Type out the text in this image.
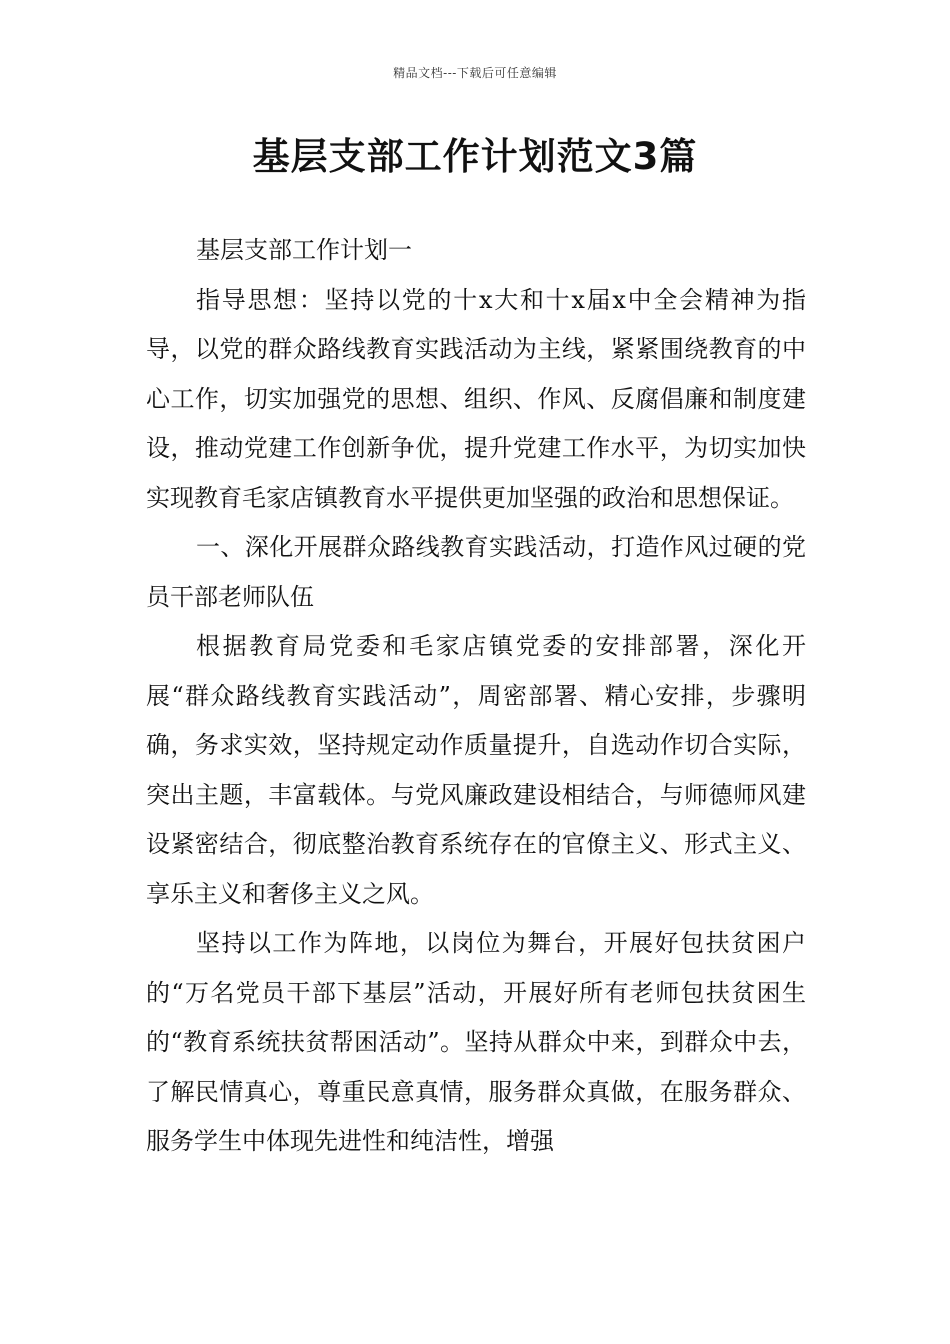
精品文档---下载后可任意编辑
基层支部工作计划范文3篇

基层支部工作计划一

指导思想：坚持以党的十x大和十x届x中全会精神为指导，以党的群众路线教育实践活动为主线，紧紧围绕教育的中心工作，切实加强党的思想、组织、作风、反腐倡廉和制度建设，推动党建工作创新争优，提升党建工作水平，为切实加快实现教育毛家店镇教育水平提供更加坚强的政治和思想保证。

一、深化开展群众路线教育实践活动，打造作风过硬的党员干部老师队伍

根据教育局党委和毛家店镇党委的安排部署，深化开展“群众路线教育实践活动”，周密部署、精心安排，步骤明确，务求实效，坚持规定动作质量提升，自选动作切合实际，突出主题，丰富载体。与党风廉政建设相结合，与师德师风建设紧密结合，彻底整治教育系统存在的官僚主义、形式主义、享乐主义和奢侈主义之风。

坚持以工作为阵地，以岗位为舞台，开展好包扶贫困户的“万名党员干部下基层”活动，开展好所有老师包扶贫困生的“教育系统扶贫帮困活动”。坚持从群众中来，到群众中去，了解民情真心，尊重民意真情，服务群众真做，在服务群众、服务学生中体现先进性和纯洁性，增强
